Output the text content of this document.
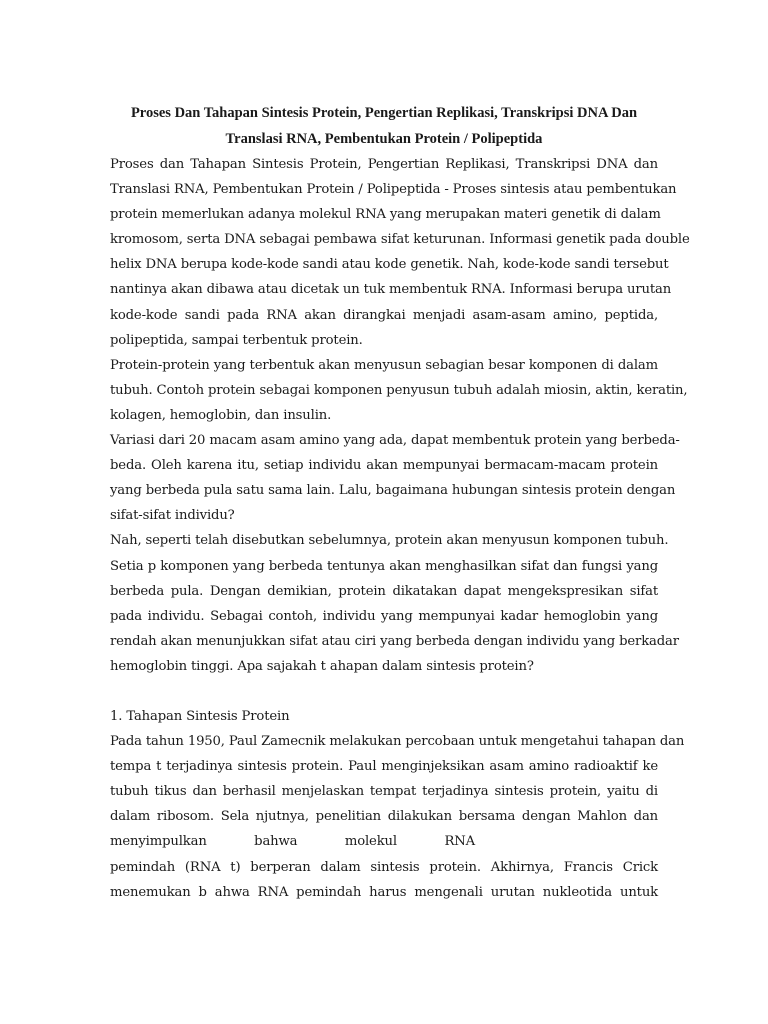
Proses Dan Tahapan Sintesis Protein, Pengertian Replikasi, Transkripsi DNA Dan
Translasi RNA, Pembentukan Protein / Polipeptida

Proses dan Tahapan Sintesis Protein, Pengertian Replikasi, Transkripsi DNA dan
Translasi RNA, Pembentukan Protein / Polipeptida - Proses sintesis atau pembentukan
protein memerlukan adanya molekul RNA yang merupakan materi genetik di dalam
kromosom, serta DNA sebagai pembawa sifat keturunan. Informasi genetik pada double
helix DNA berupa kode-kode sandi atau kode genetik. Nah, kode-kode sandi tersebut
nantinya akan dibawa atau dicetak un tuk membentuk RNA. Informasi berupa urutan
kode-kode sandi pada RNA akan dirangkai menjadi asam-asam amino, peptida,
polipeptida, sampai terbentuk protein.

Protein-protein yang terbentuk akan menyusun sebagian besar komponen di dalam
tubuh. Contoh protein sebagai komponen penyusun tubuh adalah miosin, aktin, keratin,
kolagen, hemoglobin, dan insulin.

Variasi dari 20 macam asam amino yang ada, dapat membentuk protein yang berbeda-
beda. Oleh karena itu, setiap individu akan mempunyai bermacam-macam protein
yang berbeda pula satu sama lain. Lalu, bagaimana hubungan sintesis protein dengan
sifat-sifat individu?

Nah, seperti telah disebutkan sebelumnya, protein akan menyusun komponen tubuh.
Setia p komponen yang berbeda tentunya akan menghasilkan sifat dan fungsi yang
berbeda pula. Dengan demikian, protein dikatakan dapat mengekspresikan sifat
pada individu. Sebagai contoh, individu yang mempunyai kadar hemoglobin yang
rendah akan menunjukkan sifat atau ciri yang berbeda dengan individu yang berkadar
hemoglobin tinggi. Apa sajakah t ahapan dalam sintesis protein?

1. Tahapan Sintesis Protein

Pada tahun 1950, Paul Zamecnik melakukan percobaan untuk mengetahui tahapan dan
tempa t terjadinya sintesis protein. Paul menginjeksikan asam amino radioaktif ke
tubuh tikus dan berhasil menjelaskan tempat terjadinya sintesis protein, yaitu di
dalam ribosom. Sela njutnya, penelitian dilakukan bersama dengan Mahlon dan
menyimpulkan bahwa molekul RNA
pemindah (RNA t) berperan dalam sintesis protein. Akhirnya, Francis Crick
menemukan b ahwa RNA pemindah harus mengenali urutan nukleotida untuk
